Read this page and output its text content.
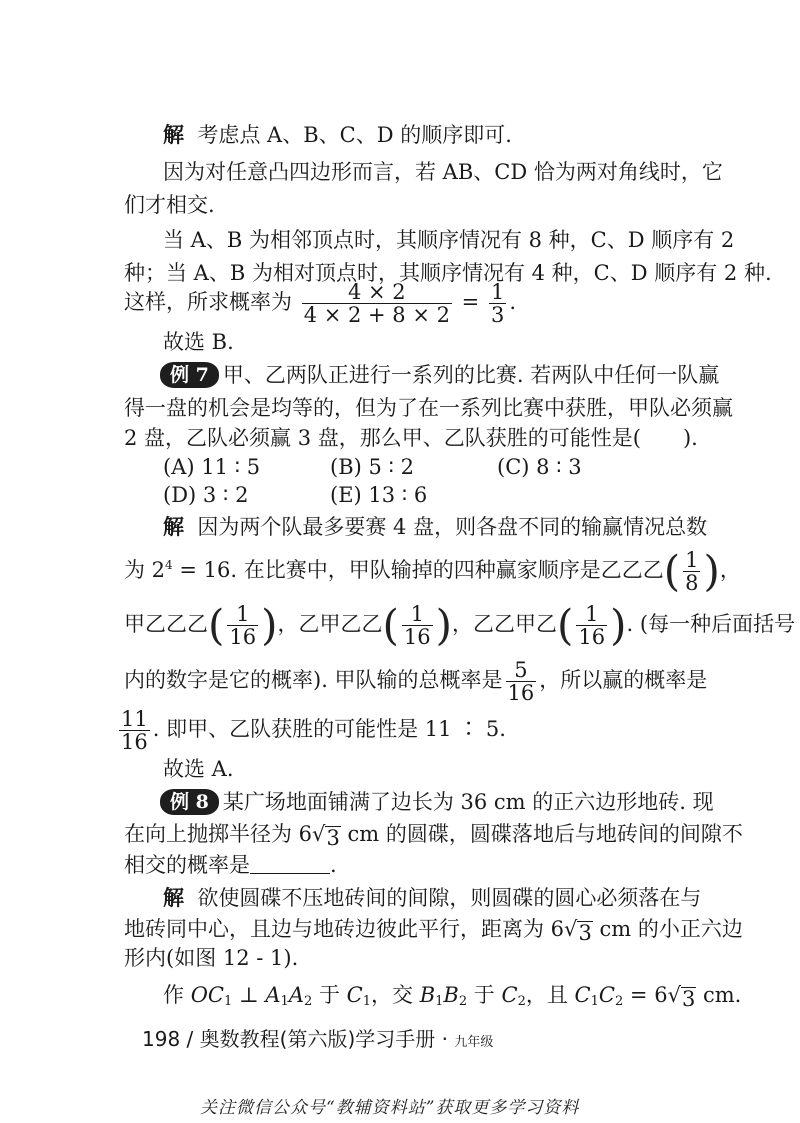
解 考虑点 A、B、C、D 的顺序即可.
因为对任意凸四边形而言，若 AB、CD 恰为两对角线时，它
们才相交.
当 A、B 为相邻顶点时，其顺序情况有 8 种，C、D 顺序有 2
种；当 A、B 为相对顶点时，其顺序情况有 4 种，C、D 顺序有 2 种.
这样，所求概率为 $\frac{4 \times 2}{4 \times 2 + 8 \times 2} = \frac{1}{3}$ .
故选 B.
例 7 甲、乙两队正进行一系列的比赛. 若两队中任何一队赢
得一盘的机会是均等的，但为了在一系列比赛中获胜，甲队必须赢
2 盘，乙队必须赢 3 盘，那么甲、乙队获胜的可能性是(　　).
(A) 11 ∶ 5	(B) 5 ∶ 2	(C) 8 ∶ 3
(D) 3 ∶ 2	(E) 13 ∶ 6
解 因为两个队最多要赛 4 盘，则各盘不同的输赢情况总数
为 $2^4 = 16$. 在比赛中，甲队输掉的四种赢家顺序是乙乙乙( $\frac{1}{8}$ )，
甲乙乙乙( $\frac{1}{16}$ )，乙甲乙乙( $\frac{1}{16}$ )，乙乙甲乙( $\frac{1}{16}$ ). (每一种后面括号
内的数字是它的概率). 甲队输的总概率是 $\frac{5}{16}$ ，所以赢的概率是
$\frac{11}{16}$ . 即甲、乙队获胜的可能性是 11 ∶ 5.
故选 A.
例 8 某广场地面铺满了边长为 36 cm 的正六边形地砖. 现
在向上抛掷半径为 6 √ 3 cm 的圆碟，圆碟落地后与地砖间的间隙不
相交的概率是	.
解 欲使圆碟不压地砖间的间隙，则圆碟的圆心必须落在与
地砖同中心，且边与地砖边彼此平行，距离为 6 √ 3 cm 的小正六边
形内(如图 12 - 1).
作 $OC_1$ ⊥ $A_1A_2$ 于 $C_1$，交 $B_1B_2$ 于 $C_2$，且 $C_1C_2 = 6$ √ 3 cm.
198 / 奥数教程(第六版)学习手册 · 九年级
关注微信公众号“教辅资料站”获取更多学习资料
